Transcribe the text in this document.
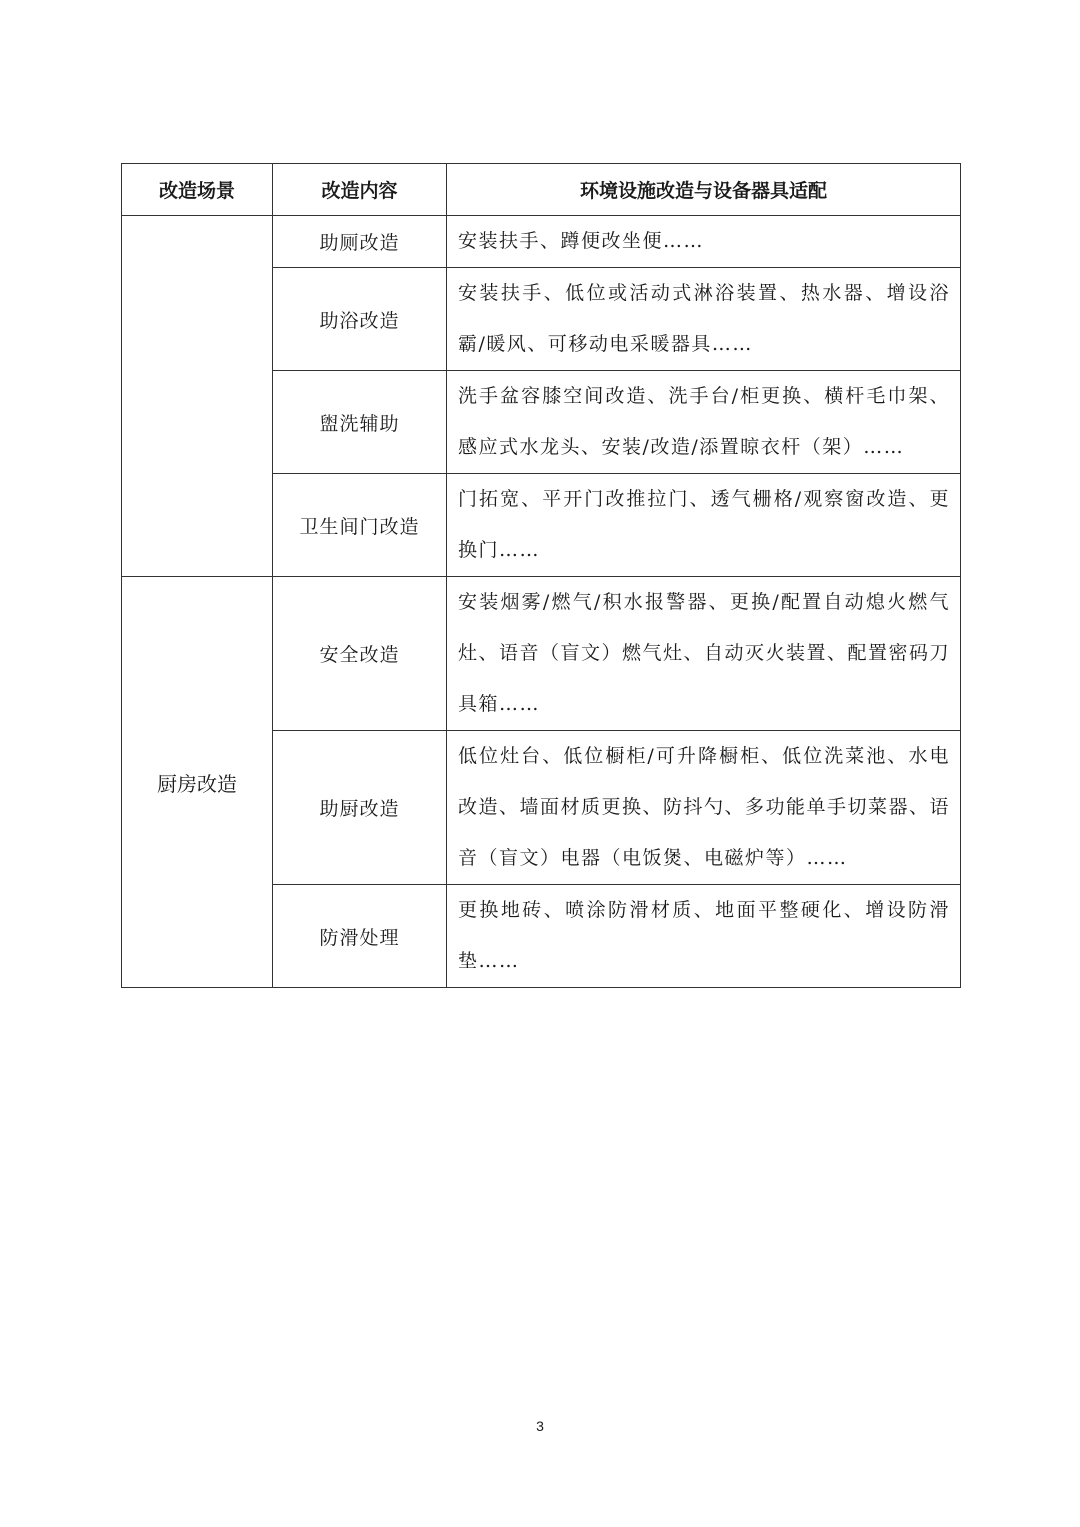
改造场景	改造内容	环境设施改造与设备器具适配
	助厕改造	安装扶手、蹲便改坐便……
	助浴改造	安装扶手、低位或活动式淋浴装置、热水器、增设浴霸/暖风、可移动电采暖器具……
	盥洗辅助	洗手盆容膝空间改造、洗手台/柜更换、横杆毛巾架、感应式水龙头、安装/改造/添置晾衣杆（架）……
	卫生间门改造	门拓宽、平开门改推拉门、透气栅格/观察窗改造、更换门……
厨房改造	安全改造	安装烟雾/燃气/积水报警器、更换/配置自动熄火燃气灶、语音（盲文）燃气灶、自动灭火装置、配置密码刀具箱……
	助厨改造	低位灶台、低位橱柜/可升降橱柜、低位洗菜池、水电改造、墙面材质更换、防抖勺、多功能单手切菜器、语音（盲文）电器（电饭煲、电磁炉等）……
	防滑处理	更换地砖、喷涂防滑材质、地面平整硬化、增设防滑垫……
3
